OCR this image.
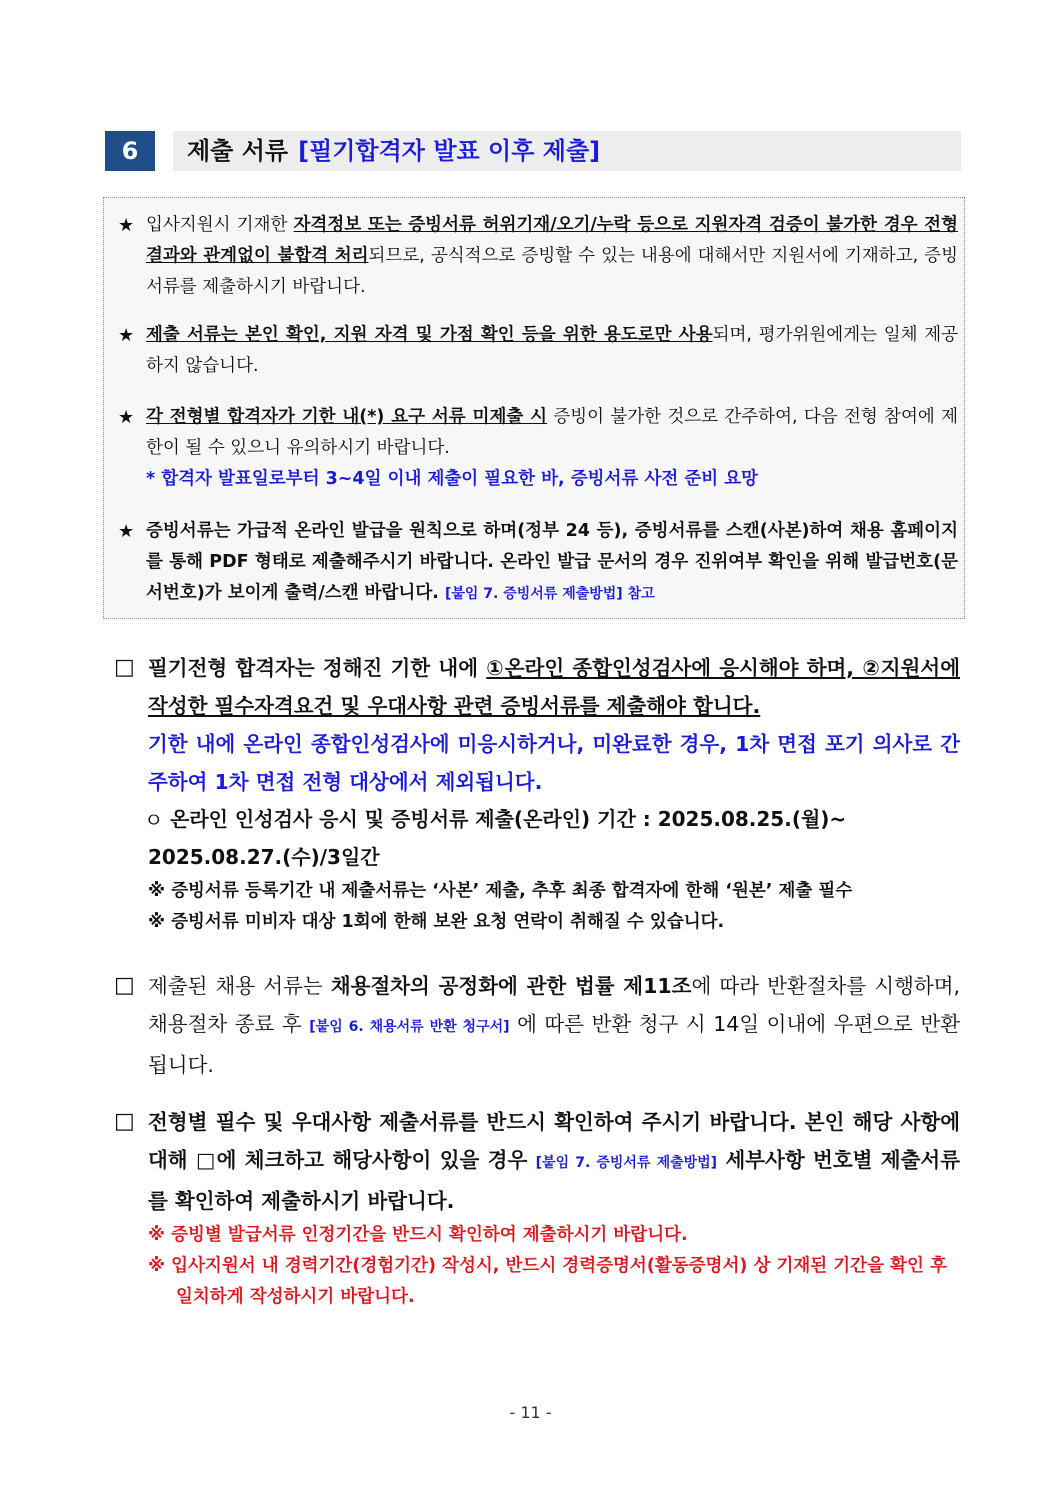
6	제출 서류 [필기합격자 발표 이후 제출]
★ 입사지원시 기재한 자격정보 또는 증빙서류 허위기재/오기/누락 등으로 지원자격 검증이 불가한 경우 전형 결과와 관계없이 불합격 처리되므로, 공식적으로 증빙할 수 있는 내용에 대해서만 지원서에 기재하고, 증빙서류를 제출하시기 바랍니다.
★ 제출 서류는 본인 확인, 지원 자격 및 가점 확인 등을 위한 용도로만 사용되며, 평가위원에게는 일체 제공하지 않습니다.
★ 각 전형별 합격자가 기한 내(*) 요구 서류 미제출 시 증빙이 불가한 것으로 간주하여, 다음 전형 참여에 제한이 될 수 있으니 유의하시기 바랍니다.
* 합격자 발표일로부터 3~4일 이내 제출이 필요한 바, 증빙서류 사전 준비 요망
★ 증빙서류는 가급적 온라인 발급을 원칙으로 하며(정부 24 등), 증빙서류를 스캔(사본)하여 채용 홈페이지를 통해 PDF 형태로 제출해주시기 바랍니다. 온라인 발급 문서의 경우 진위여부 확인을 위해 발급번호(문서번호)가 보이게 출력/스캔 바랍니다. [붙임 7. 증빙서류 제출방법] 참고
□ 필기전형 합격자는 정해진 기한 내에 ①온라인 종합인성검사에 응시해야 하며, ②지원서에 작성한 필수자격요건 및 우대사항 관련 증빙서류를 제출해야 합니다.
기한 내에 온라인 종합인성검사에 미응시하거나, 미완료한 경우, 1차 면접 포기 의사로 간주하여 1차 면접 전형 대상에서 제외됩니다.
ㅇ 온라인 인성검사 응시 및 증빙서류 제출(온라인) 기간 : 2025.08.25.(월)~
2025.08.27.(수)/3일간
※ 증빙서류 등록기간 내 제출서류는 ‘사본’ 제출, 추후 최종 합격자에 한해 ‘원본’ 제출 필수
※ 증빙서류 미비자 대상 1회에 한해 보완 요청 연락이 취해질 수 있습니다.
□ 제출된 채용 서류는 채용절차의 공정화에 관한 법률 제11조에 따라 반환절차를 시행하며, 채용절차 종료 후 [붙임 6. 채용서류 반환 청구서] 에 따른 반환 청구 시 14일 이내에 우편으로 반환됩니다.
□ 전형별 필수 및 우대사항 제출서류를 반드시 확인하여 주시기 바랍니다. 본인 해당 사항에 대해 □에 체크하고 해당사항이 있을 경우 [붙임 7. 증빙서류 제출방법] 세부사항 번호별 제출서류를 확인하여 제출하시기 바랍니다.
※ 증빙별 발급서류 인정기간을 반드시 확인하여 제출하시기 바랍니다.
※ 입사지원서 내 경력기간(경험기간) 작성시, 반드시 경력증명서(활동증명서) 상 기재된 기간을 확인 후 일치하게 작성하시기 바랍니다.
- 11 -
